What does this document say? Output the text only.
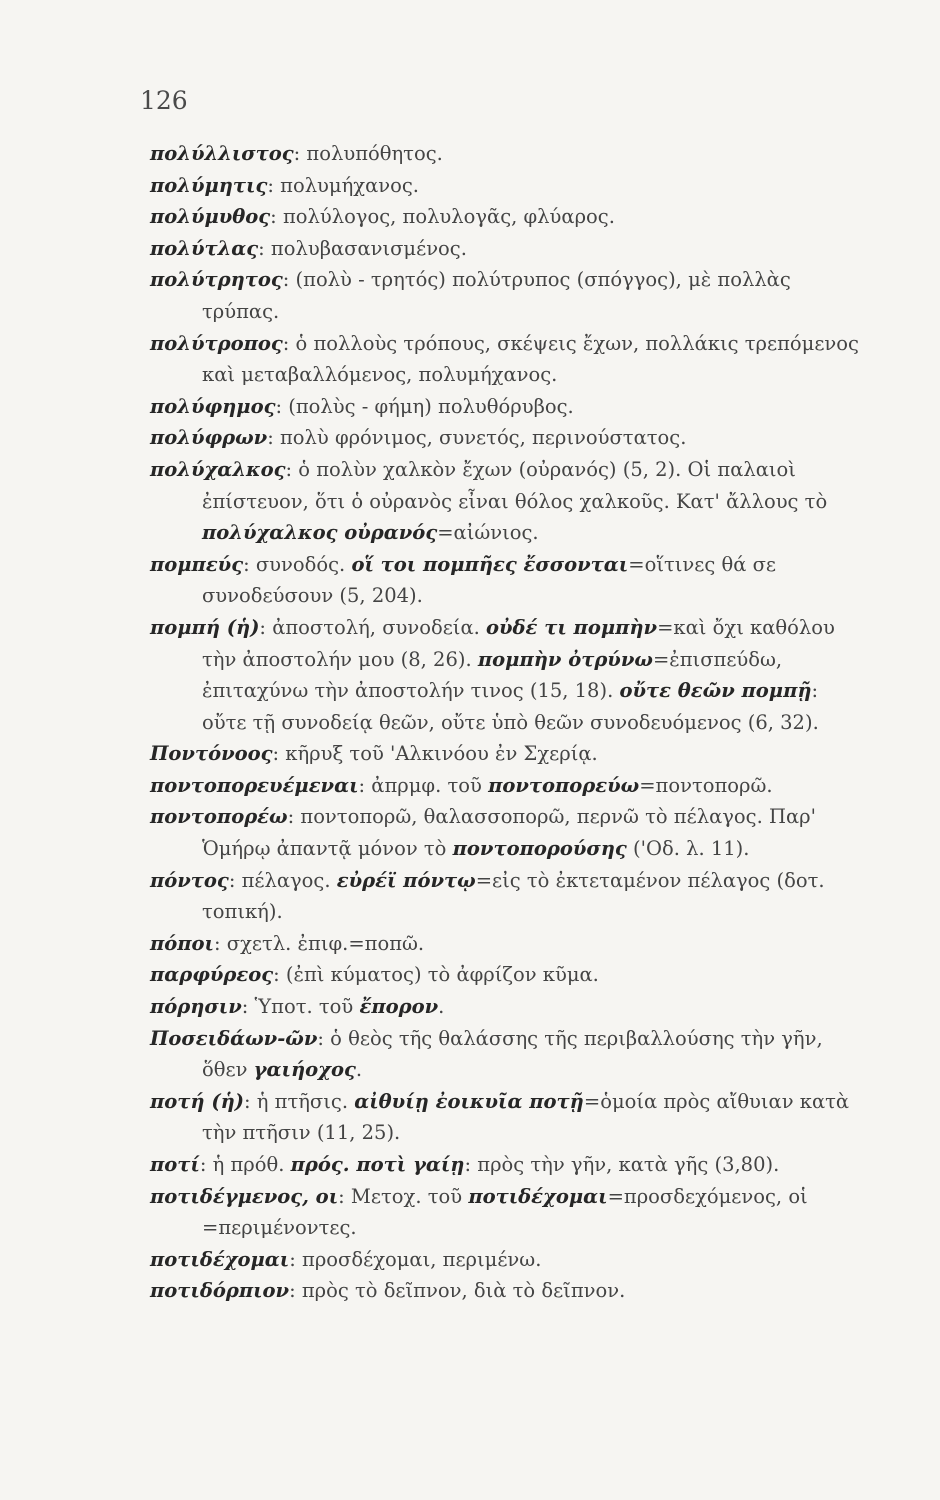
126

πολύλλιστος: πολυπόθητος.

πολύμητις: πολυμήχανος.

πολύμυθος: πολύλογος, πολυλογᾶς, φλύαρος.

πολύτλας: πολυβασανισμένος.

πολύτρητος: (πολὺ - τρητός) πολύτρυπος (σπόγγος), μὲ πολλὰς τρύπας.

πολύτροπος: ὁ πολλοὺς τρόπους, σκέψεις ἔχων, πολλάκις τρεπόμενος καὶ μεταβαλλόμενος, πολυμήχανος.

πολύφημος: (πολὺς - φήμη) πολυθόρυβος.

πολύφρων: πολὺ φρόνιμος, συνετός, περινούστατος.

πολύχαλκος: ὁ πολὺν χαλκὸν ἔχων (οὐρανός) (5, 2). Οἱ παλαιοὶ ἐπίστευον, ὅτι ὁ οὐρανὸς εἶναι θόλος χαλκοῦς. Κατ' ἄλλους τὸ πολύχαλκος οὐρανός=αἰώνιος.

πομπεύς: συνοδός. οἵ τοι πομπῆες ἔσσονται=οἵτινες θά σε συνοδεύσουν (5, 204).

πομπή (ἡ): ἀποστολή, συνοδεία. οὐδέ τι πομπὴν=καὶ ὄχι καθόλου τὴν ἀποστολήν μου (8, 26). πομπὴν ὀτρύνω=ἐπισπεύδω, ἐπιταχύνω τὴν ἀποστολήν τινος (15, 18). οὔτε θεῶν πομπῇ: οὔτε τῇ συνοδείᾳ θεῶν, οὔτε ὑπὸ θεῶν συνοδευόμενος (6, 32).

Ποντόνοος: κῆρυξ τοῦ 'Αλκινόου ἐν Σχερίᾳ.

ποντοπορευέμεναι: ἀπρμφ. τοῦ ποντοπορεύω=ποντοπορῶ.

ποντοπορέω: ποντοπορῶ, θαλασσοπορῶ, περνῶ τὸ πέλαγος. Παρ' Ὁμήρῳ ἀπαντᾷ μόνον τὸ ποντοπορούσης ('Οδ. λ. 11).

πόντος: πέλαγος. εὐρέϊ πόντῳ=εἰς τὸ ἐκτεταμένον πέλαγος (δοτ. τοπική).

πόποι: σχετλ. ἐπιφ.=ποπῶ.

παρφύρεος: (ἐπὶ κύματος) τὸ ἀφρίζον κῦμα.

πόρησιν: Ὑποτ. τοῦ ἔπορον.

Ποσειδάων-ῶν: ὁ θεὸς τῆς θαλάσσης τῆς περιβαλλούσης τὴν γῆν, ὅθεν γαιήοχος.

ποτή (ἡ): ἡ πτῆσις. αἰθυίῃ ἐοικυῖα ποτῇ=ὁμοία πρὸς αἴθυιαν κατὰ τὴν πτῆσιν (11, 25).

ποτί: ἡ πρόθ. πρός. ποτὶ γαίῃ: πρὸς τὴν γῆν, κατὰ γῆς (3,80).

ποτιδέγμενος, οι: Μετοχ. τοῦ ποτιδέχομαι=προσδεχόμενος, οἱ =περιμένοντες.

ποτιδέχομαι: προσδέχομαι, περιμένω.

ποτιδόρπιον: πρὸς τὸ δεῖπνον, διὰ τὸ δεῖπνον.
